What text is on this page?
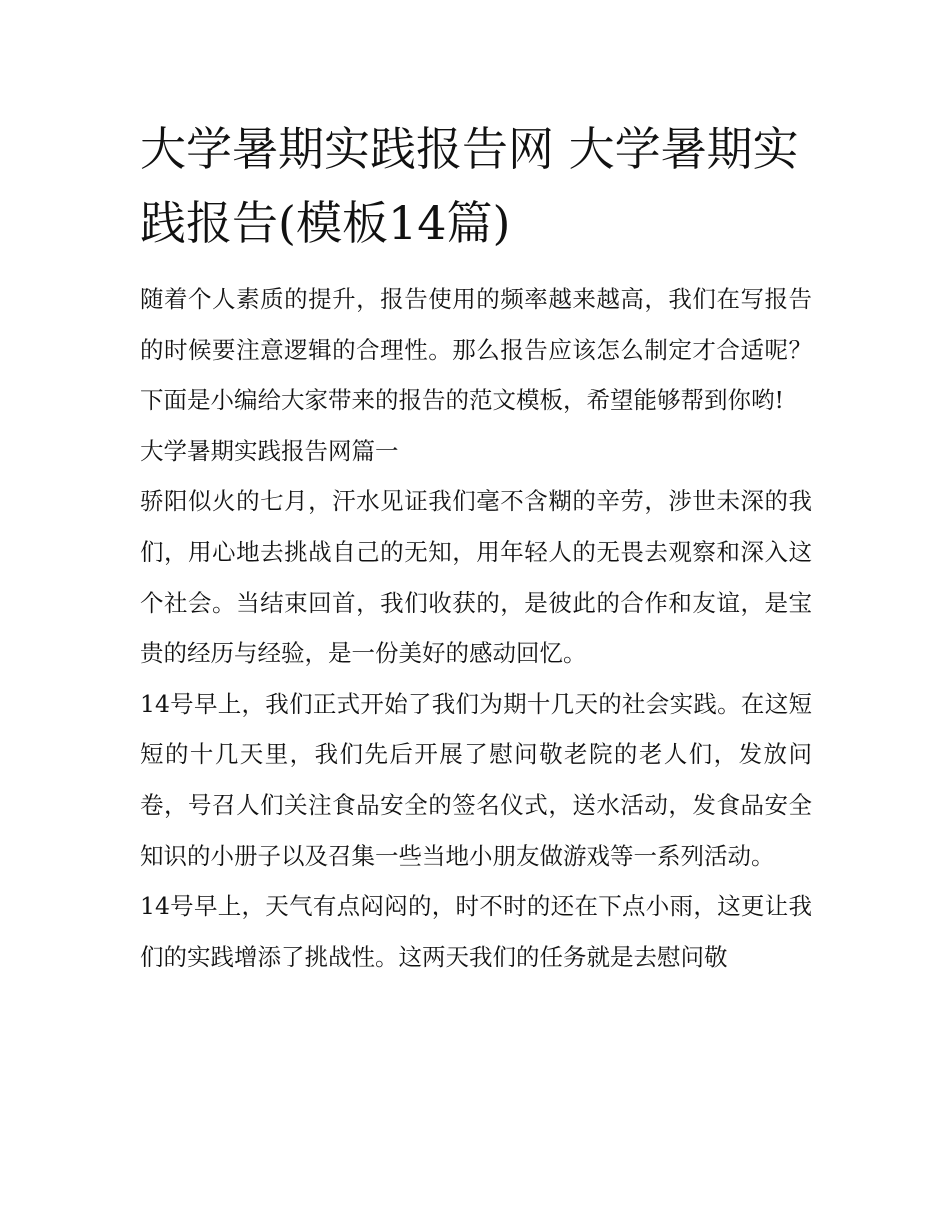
大学暑期实践报告网 大学暑期实践报告(模板14篇)

随着个人素质的提升，报告使用的频率越来越高，我们在写报告的时候要注意逻辑的合理性。那么报告应该怎么制定才合适呢？下面是小编给大家带来的报告的范文模板，希望能够帮到你哟!

大学暑期实践报告网篇一

骄阳似火的七月，汗水见证我们毫不含糊的辛劳，涉世未深的我们，用心地去挑战自己的无知，用年轻人的无畏去观察和深入这个社会。当结束回首，我们收获的，是彼此的合作和友谊，是宝贵的经历与经验，是一份美好的感动回忆。

14号早上，我们正式开始了我们为期十几天的社会实践。在这短短的十几天里，我们先后开展了慰问敬老院的老人们，发放问卷，号召人们关注食品安全的签名仪式，送水活动，发食品安全知识的小册子以及召集一些当地小朋友做游戏等一系列活动。

14号早上，天气有点闷闷的，时不时的还在下点小雨，这更让我们的实践增添了挑战性。这两天我们的任务就是去慰问敬
